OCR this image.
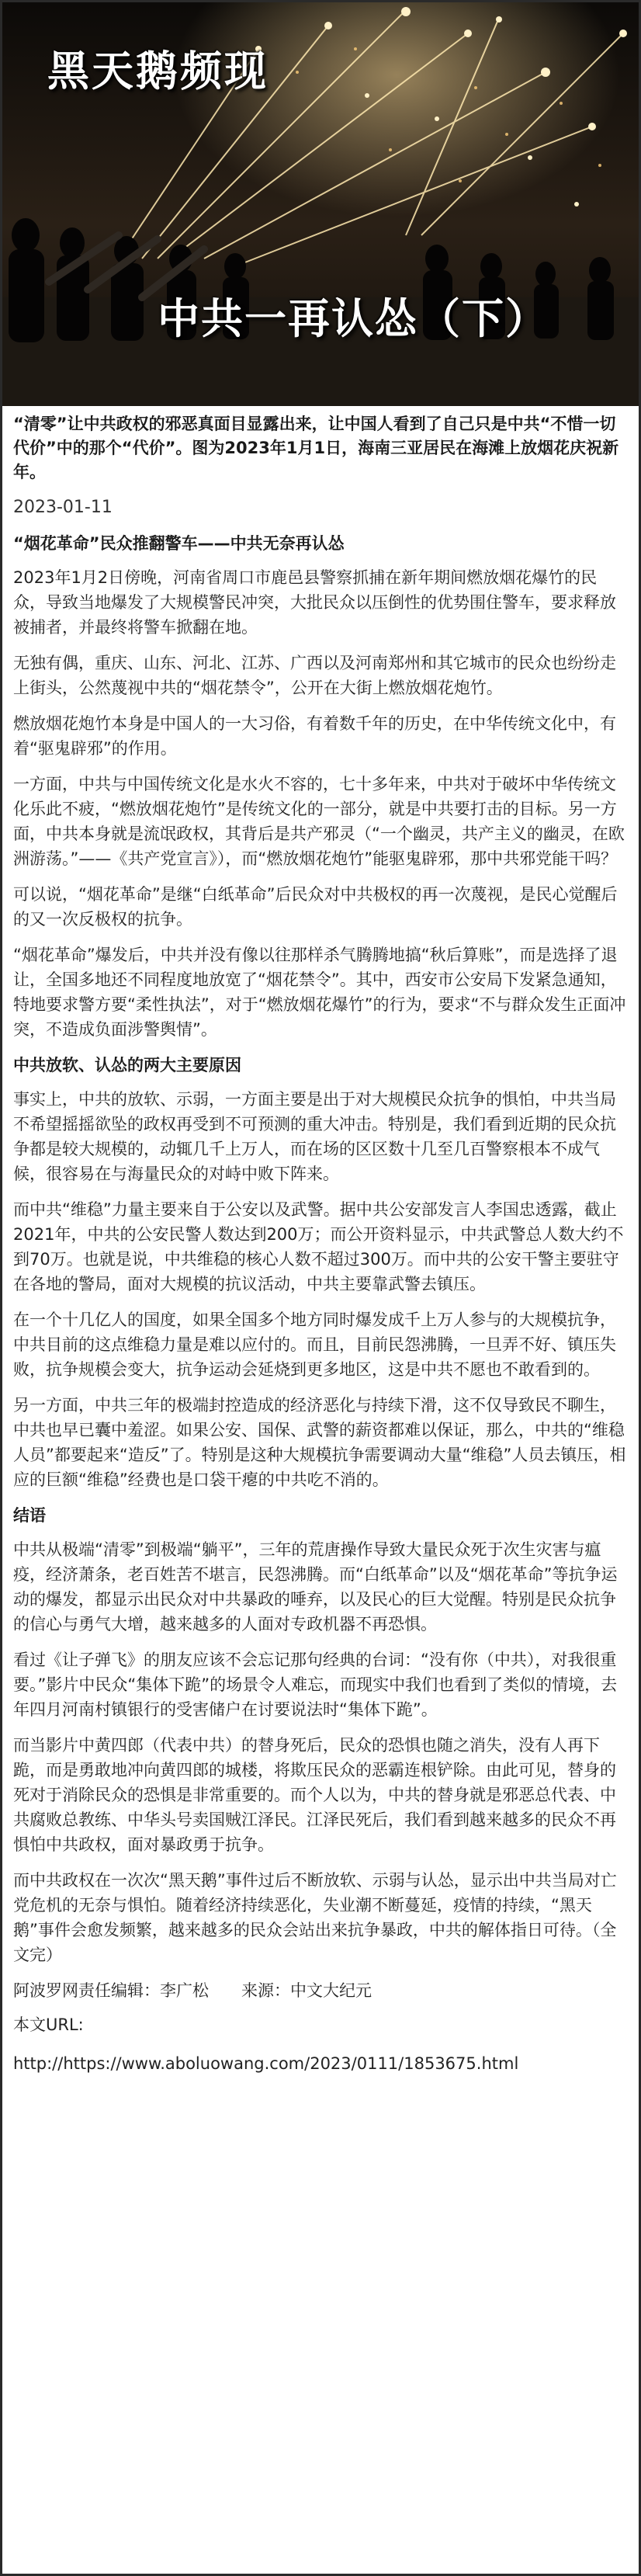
黑天鹅频现
中共一再认怂（下）

“清零”让中共政权的邪恶真面目显露出来，让中国人看到了自己只是中共“不惜一切代价”中的那个“代价”。图为2023年1月1日，海南三亚居民在海滩上放烟花庆祝新年。

2023-01-11

“烟花革命”民众推翻警车——中共无奈再认怂

2023年1月2日傍晚，河南省周口市鹿邑县警察抓捕在新年期间燃放烟花爆竹的民众，导致当地爆发了大规模警民冲突，大批民众以压倒性的优势围住警车，要求释放被捕者，并最终将警车掀翻在地。

无独有偶，重庆、山东、河北、江苏、广西以及河南郑州和其它城市的民众也纷纷走上街头，公然蔑视中共的“烟花禁令”，公开在大街上燃放烟花炮竹。

燃放烟花炮竹本身是中国人的一大习俗，有着数千年的历史，在中华传统文化中，有着“驱鬼辟邪”的作用。

一方面，中共与中国传统文化是水火不容的，七十多年来，中共对于破坏中华传统文化乐此不疲，“燃放烟花炮竹”是传统文化的一部分，就是中共要打击的目标。另一方面，中共本身就是流氓政权，其背后是共产邪灵（“一个幽灵，共产主义的幽灵，在欧洲游荡。”——《共产党宣言》），而“燃放烟花炮竹”能驱鬼辟邪，那中共邪党能干吗？

可以说，“烟花革命”是继“白纸革命”后民众对中共极权的再一次蔑视，是民心觉醒后的又一次反极权的抗争。

“烟花革命”爆发后，中共并没有像以往那样杀气腾腾地搞“秋后算账”，而是选择了退让，全国多地还不同程度地放宽了“烟花禁令”。其中，西安市公安局下发紧急通知，特地要求警方要“柔性执法”，对于“燃放烟花爆竹”的行为，要求“不与群众发生正面冲突，不造成负面涉警舆情”。

中共放软、认怂的两大主要原因

事实上，中共的放软、示弱，一方面主要是出于对大规模民众抗争的惧怕，中共当局不希望摇摇欲坠的政权再受到不可预测的重大冲击。特别是，我们看到近期的民众抗争都是较大规模的，动辄几千上万人，而在场的区区数十几至几百警察根本不成气候，很容易在与海量民众的对峙中败下阵来。

而中共“维稳”力量主要来自于公安以及武警。据中共公安部发言人李国忠透露，截止2021年，中共的公安民警人数达到200万；而公开资料显示，中共武警总人数大约不到70万。也就是说，中共维稳的核心人数不超过300万。而中共的公安干警主要驻守在各地的警局，面对大规模的抗议活动，中共主要靠武警去镇压。

在一个十几亿人的国度，如果全国多个地方同时爆发成千上万人参与的大规模抗争，中共目前的这点维稳力量是难以应付的。而且，目前民怨沸腾，一旦弄不好、镇压失败，抗争规模会变大，抗争运动会延烧到更多地区，这是中共不愿也不敢看到的。

另一方面，中共三年的极端封控造成的经济恶化与持续下滑，这不仅导致民不聊生，中共也早已囊中羞涩。如果公安、国保、武警的薪资都难以保证，那么，中共的“维稳人员”都要起来“造反”了。特别是这种大规模抗争需要调动大量“维稳”人员去镇压，相应的巨额“维稳”经费也是口袋干瘪的中共吃不消的。

结语

中共从极端“清零”到极端“躺平”，三年的荒唐操作导致大量民众死于次生灾害与瘟疫，经济萧条，老百姓苦不堪言，民怨沸腾。而“白纸革命”以及“烟花革命”等抗争运动的爆发，都显示出民众对中共暴政的唾弃，以及民心的巨大觉醒。特别是民众抗争的信心与勇气大增，越来越多的人面对专政机器不再恐惧。

看过《让子弹飞》的朋友应该不会忘记那句经典的台词：“没有你（中共），对我很重要。”影片中民众“集体下跪”的场景令人难忘，而现实中我们也看到了类似的情境，去年四月河南村镇银行的受害储户在讨要说法时“集体下跪”。

而当影片中黄四郎（代表中共）的替身死后，民众的恐惧也随之消失，没有人再下跪，而是勇敢地冲向黄四郎的城楼，将欺压民众的恶霸连根铲除。由此可见，替身的死对于消除民众的恐惧是非常重要的。而个人以为，中共的替身就是邪恶总代表、中共腐败总教练、中华头号卖国贼江泽民。江泽民死后，我们看到越来越多的民众不再惧怕中共政权，面对暴政勇于抗争。

而中共政权在一次次“黑天鹅”事件过后不断放软、示弱与认怂，显示出中共当局对亡党危机的无奈与惧怕。随着经济持续恶化，失业潮不断蔓延，疫情的持续，“黑天鹅”事件会愈发频繁，越来越多的民众会站出来抗争暴政，中共的解体指日可待。（全文完）

阿波罗网责任编辑：李广松　　来源：中文大纪元

本文URL:

http://https://www.aboluowang.com/2023/0111/1853675.html
